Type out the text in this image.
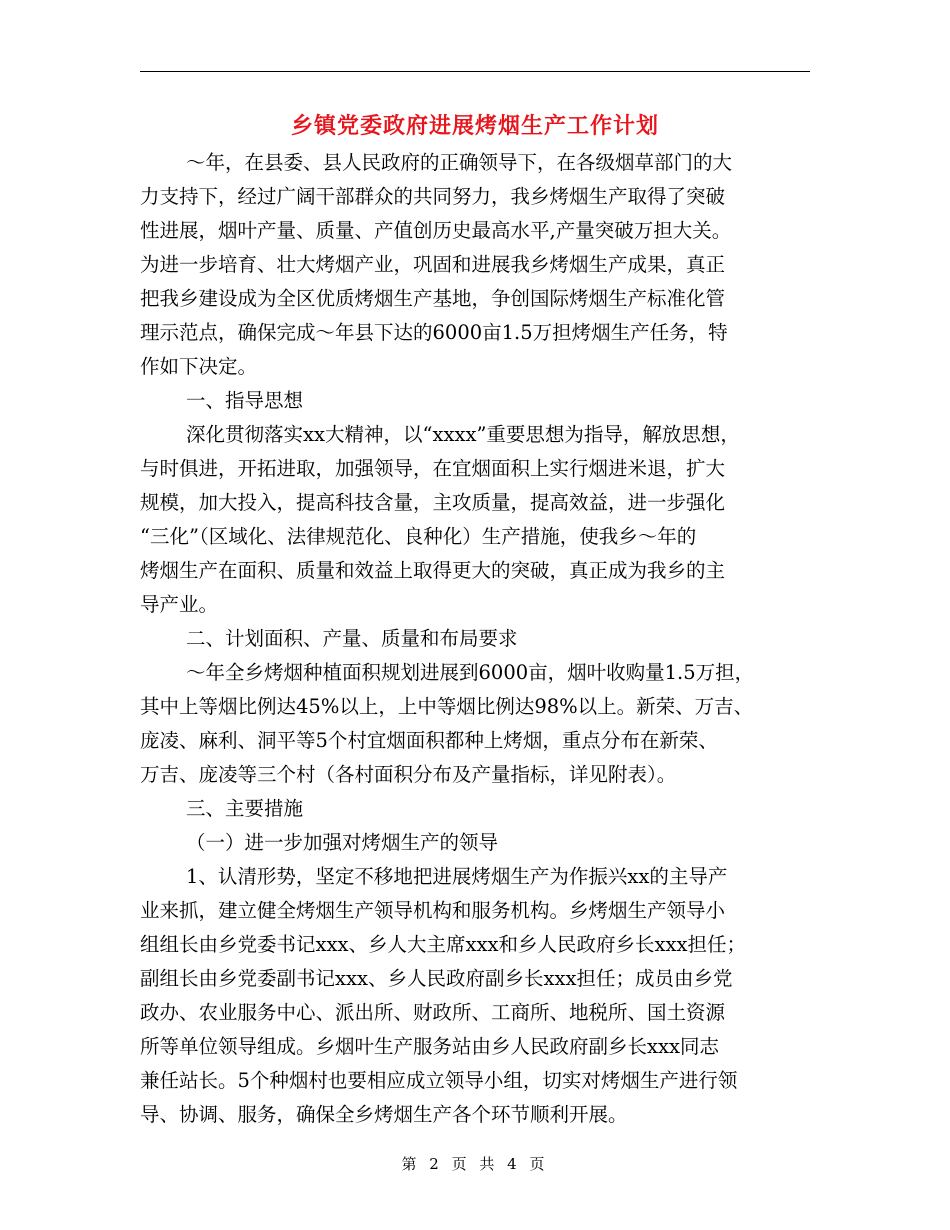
乡镇党委政府进展烤烟生产工作计划

～年，在县委、县人民政府的正确领导下，在各级烟草部门的大

力支持下，经过广阔干部群众的共同努力，我乡烤烟生产取得了突破

性进展，烟叶产量、质量、产值创历史最高水平,产量突破万担大关。

为进一步培育、壮大烤烟产业，巩固和进展我乡烤烟生产成果，真正

把我乡建设成为全区优质烤烟生产基地，争创国际烤烟生产标准化管

理示范点，确保完成～年县下达的6000亩1.5万担烤烟生产任务，特

作如下决定。

一、指导思想

深化贯彻落实xx大精神，以“xxxx”重要思想为指导，解放思想，

与时俱进，开拓进取，加强领导，在宜烟面积上实行烟进米退，扩大

规模，加大投入，提高科技含量，主攻质量，提高效益，进一步强化

“三化”（区域化、法律规范化、良种化）生产措施，使我乡～年的

烤烟生产在面积、质量和效益上取得更大的突破，真正成为我乡的主

导产业。

二、计划面积、产量、质量和布局要求

～年全乡烤烟种植面积规划进展到6000亩，烟叶收购量1.5万担，

其中上等烟比例达45%以上，上中等烟比例达98%以上。新荣、万吉、

庞凌、麻利、洞平等5个村宜烟面积都种上烤烟，重点分布在新荣、

万吉、庞凌等三个村（各村面积分布及产量指标，详见附表）。

三、主要措施

（一）进一步加强对烤烟生产的领导

1、认清形势，坚定不移地把进展烤烟生产为作振兴xx的主导产

业来抓，建立健全烤烟生产领导机构和服务机构。乡烤烟生产领导小

组组长由乡党委书记xxx、乡人大主席xxx和乡人民政府乡长xxx担任；

副组长由乡党委副书记xxx、乡人民政府副乡长xxx担任；成员由乡党

政办、农业服务中心、派出所、财政所、工商所、地税所、国土资源

所等单位领导组成。乡烟叶生产服务站由乡人民政府副乡长xxx同志

兼任站长。5个种烟村也要相应成立领导小组，切实对烤烟生产进行领

导、协调、服务，确保全乡烤烟生产各个环节顺利开展。

第 2 页 共 4 页
